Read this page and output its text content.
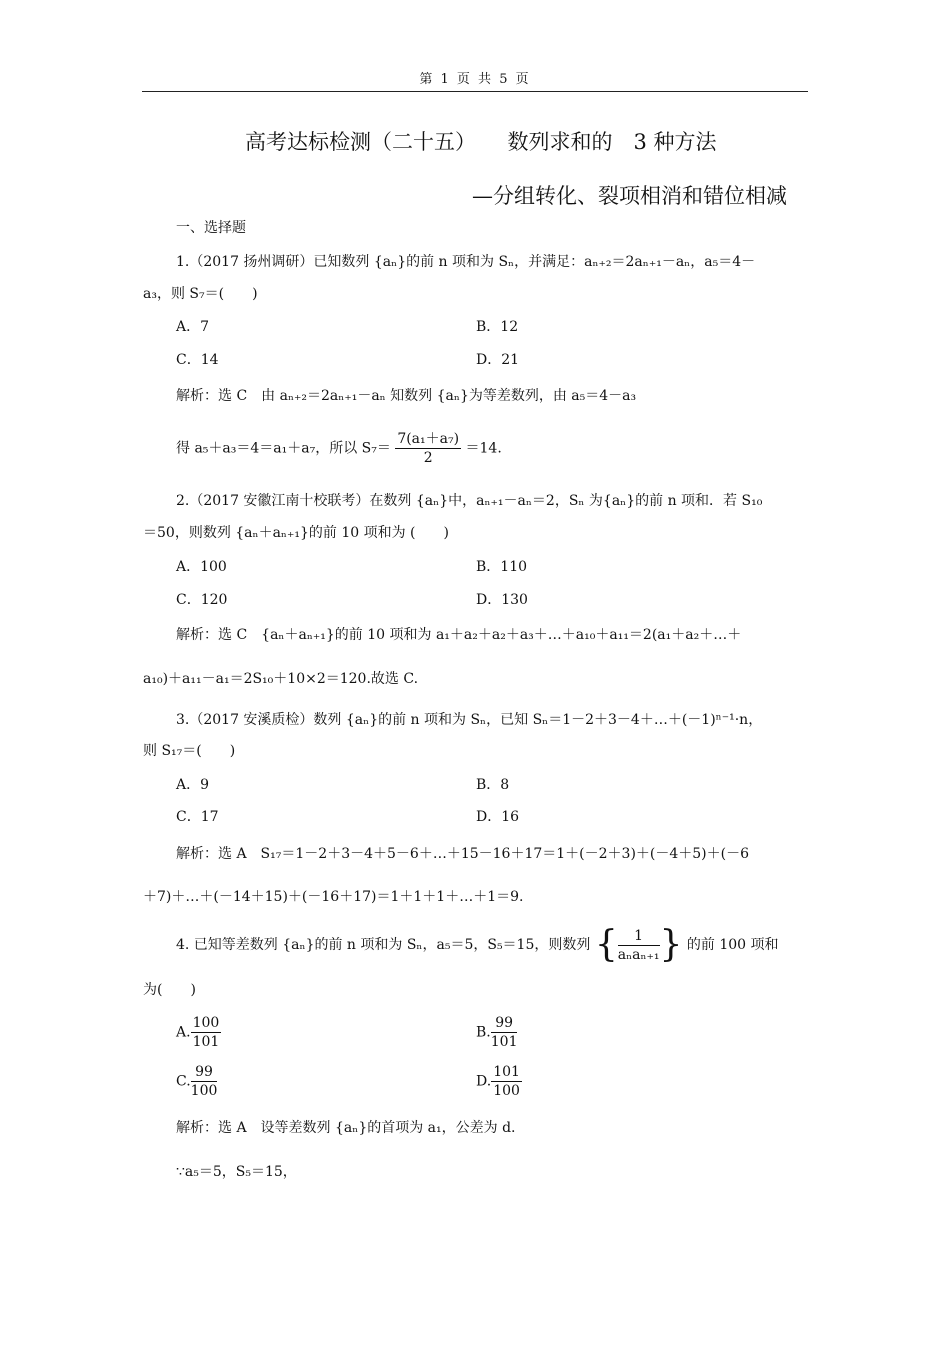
第 1 页 共 5 页
高考达标检测（二十五）　　数列求和的　3 种方法
—分组转化、裂项相消和错位相减
一、选择题
1.（2017 扬州调研）已知数列 {aₙ}的前 n 项和为 Sₙ，并满足：aₙ₊₂＝2aₙ₊₁－aₙ，a₅＝4－
a₃，则 S₇＝(　　)
A．7	B．12
C．14	D．21
解析：选 C　由 aₙ₊₂＝2aₙ₊₁－aₙ 知数列 {aₙ}为等差数列，由 a₅＝4－a₃
得 a₅＋a₃＝4＝a₁＋a₇，所以 $S_7= \frac{\text{7(a₁＋a₇)}}{2} =14$.
2.（2017 安徽江南十校联考）在数列 {aₙ}中，aₙ₊₁－aₙ＝2，Sₙ 为{aₙ}的前 n 项和．若 S₁₀
＝50，则数列 {aₙ＋aₙ₊₁}的前 10 项和为 (　　)
A．100	B．110
C．120	D．130
解析：选 C　{aₙ＋aₙ₊₁}的前 10 项和为 a₁＋a₂＋a₂＋a₃＋…＋a₁₀＋a₁₁＝2(a₁＋a₂＋…＋
a₁₀)＋a₁₁－a₁＝2S₁₀＋10×2＝120.故选 C.
3.（2017 安溪质检）数列 {aₙ}的前 n 项和为 Sₙ，已知 Sₙ＝1－2＋3－4＋…＋(－1)ⁿ⁻¹·n，
则 S₁₇＝(　　)
A．9	B．8
C．17	D．16
解析：选 A　S₁₇＝1－2＋3－4＋5－6＋…＋15－16＋17＝1＋(－2＋3)＋(－4＋5)＋(－6
＋7)＋…＋(－14＋15)＋(－16＋17)＝1＋1＋1＋…＋1＝9.
4. 已知等差数列 {aₙ}的前 n 项和为 Sₙ，a₅＝5，S₅＝15，则数列 { $\frac{1}{\text{aₙaₙ₊₁}}$ } 的前 100 项和
为(　　)
A. $\frac{100}{101}$	B. $\frac{99}{101}$
C. $\frac{99}{100}$	D. $\frac{101}{100}$
解析：选 A　设等差数列 {aₙ}的首项为 a₁，公差为 d.
∵a₅＝5，S₅＝15，
